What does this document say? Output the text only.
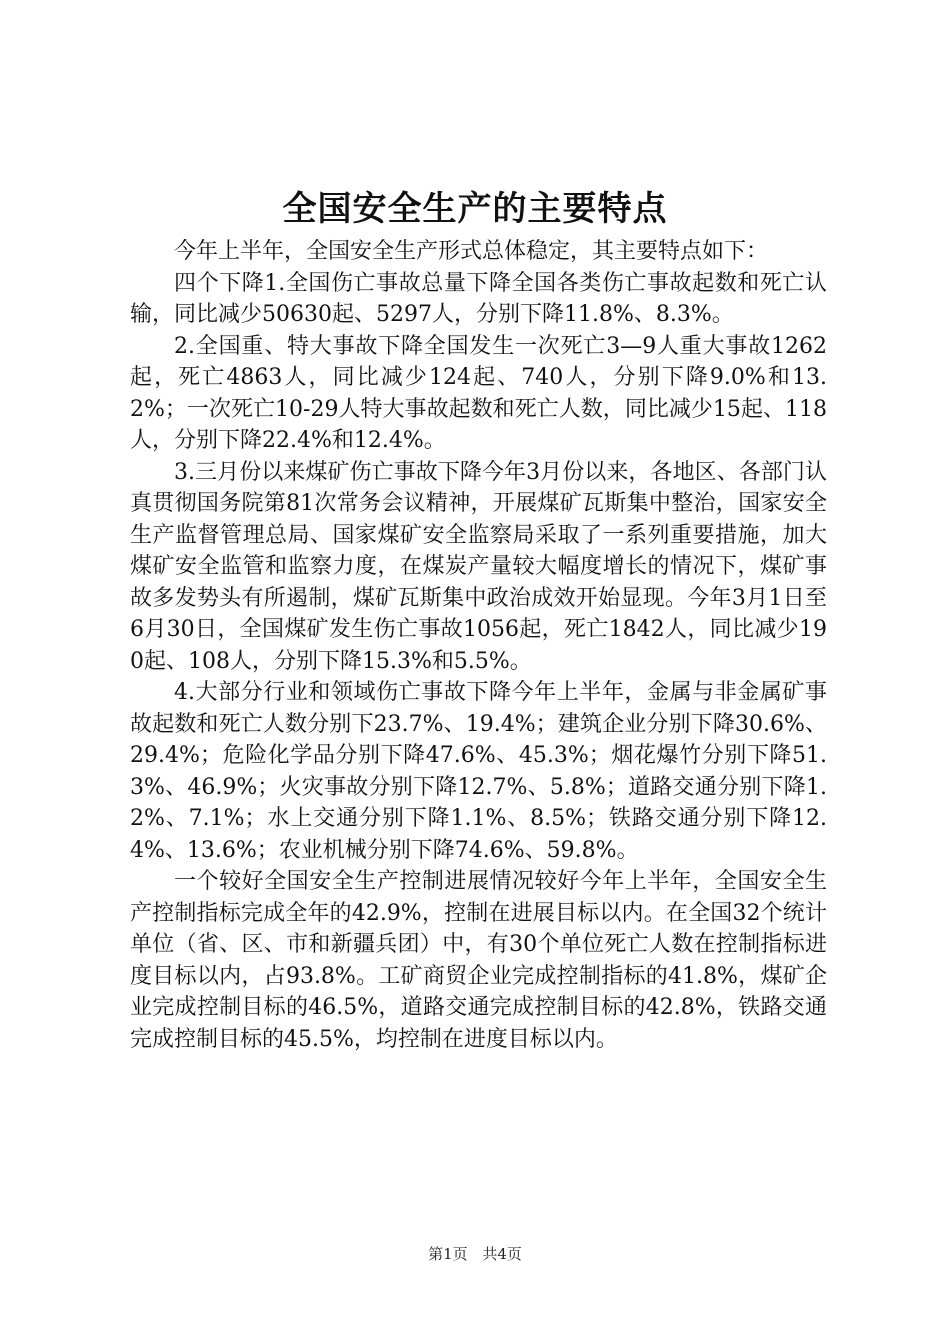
全国安全生产的主要特点

今年上半年，全国安全生产形式总体稳定，其主要特点如下：

四个下降1.全国伤亡事故总量下降全国各类伤亡事故起数和死亡认输，同比减少50630起、5297人，分别下降11.8%、8.3%。

2.全国重、特大事故下降全国发生一次死亡3—9人重大事故1262起，死亡4863人，同比减少124起、740人，分别下降9.0%和13.2%；一次死亡10-29人特大事故起数和死亡人数，同比减少15起、118人，分别下降22.4%和12.4%。

3.三月份以来煤矿伤亡事故下降今年3月份以来，各地区、各部门认真贯彻国务院第81次常务会议精神，开展煤矿瓦斯集中整治，国家安全生产监督管理总局、国家煤矿安全监察局采取了一系列重要措施，加大煤矿安全监管和监察力度，在煤炭产量较大幅度增长的情况下，煤矿事故多发势头有所遏制，煤矿瓦斯集中政治成效开始显现。今年3月1日至6月30日，全国煤矿发生伤亡事故1056起，死亡1842人，同比减少190起、108人，分别下降15.3%和5.5%。

4.大部分行业和领域伤亡事故下降今年上半年，金属与非金属矿事故起数和死亡人数分别下23.7%、19.4%；建筑企业分别下降30.6%、29.4%；危险化学品分别下降47.6%、45.3%；烟花爆竹分别下降51.3%、46.9%；火灾事故分别下降12.7%、5.8%；道路交通分别下降1.2%、7.1%；水上交通分别下降1.1%、8.5%；铁路交通分别下降12.4%、13.6%；农业机械分别下降74.6%、59.8%。

一个较好全国安全生产控制进展情况较好今年上半年，全国安全生产控制指标完成全年的42.9%，控制在进展目标以内。在全国32个统计单位（省、区、市和新疆兵团）中，有30个单位死亡人数在控制指标进度目标以内，占93.8%。工矿商贸企业完成控制指标的41.8%，煤矿企业完成控制目标的46.5%，道路交通完成控制目标的42.8%，铁路交通完成控制目标的45.5%，均控制在进度目标以内。

第1页 共4页
